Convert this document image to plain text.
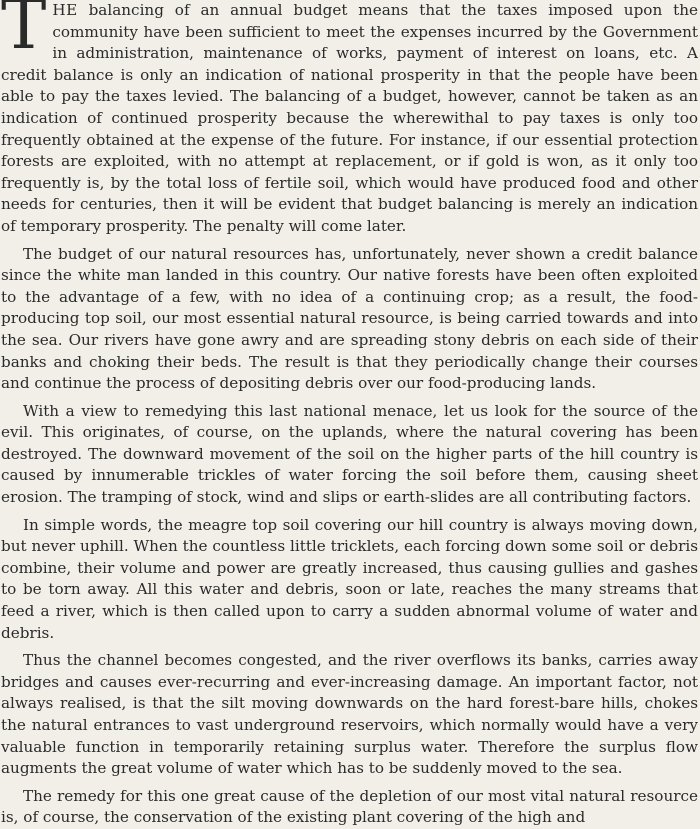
THE balancing of an annual budget means that the taxes imposed upon the community have been sufficient to meet the expenses incurred by the Government in administration, maintenance of works, payment of interest on loans, etc. A credit balance is only an indication of national prosperity in that the people have been able to pay the taxes levied. The balancing of a budget, however, cannot be taken as an indication of continued prosperity because the wherewithal to pay taxes is only too frequently obtained at the expense of the future. For instance, if our essential protection forests are exploited, with no attempt at replacement, or if gold is won, as it only too frequently is, by the total loss of fertile soil, which would have produced food and other needs for centuries, then it will be evident that budget balancing is merely an indication of temporary prosperity. The penalty will come later.

The budget of our natural resources has, unfortunately, never shown a credit balance since the white man landed in this country. Our native forests have been often exploited to the advantage of a few, with no idea of a continuing crop; as a result, the food-producing top soil, our most essential natural resource, is being carried towards and into the sea. Our rivers have gone awry and are spreading stony debris on each side of their banks and choking their beds. The result is that they periodically change their courses and continue the process of depositing debris over our food-producing lands.

With a view to remedying this last national menace, let us look for the source of the evil. This originates, of course, on the uplands, where the natural covering has been destroyed. The downward movement of the soil on the higher parts of the hill country is caused by innumerable trickles of water forcing the soil before them, causing sheet erosion. The tramping of stock, wind and slips or earth-slides are all contributing factors.

In simple words, the meagre top soil covering our hill country is always moving down, but never uphill. When the countless little tricklets, each forcing down some soil or debris combine, their volume and power are greatly increased, thus causing gullies and gashes to be torn away. All this water and debris, soon or late, reaches the many streams that feed a river, which is then called upon to carry a sudden abnormal volume of water and debris.

Thus the channel becomes congested, and the river overflows its banks, carries away bridges and causes ever-recurring and ever-increasing damage. An important factor, not always realised, is that the silt moving downwards on the hard forest-bare hills, chokes the natural entrances to vast underground reservoirs, which normally would have a very valuable function in temporarily retaining surplus water. Therefore the surplus flow augments the great volume of water which has to be suddenly moved to the sea.

The remedy for this one great cause of the depletion of our most vital natural resource is, of course, the conservation of the existing plant covering of the high and
